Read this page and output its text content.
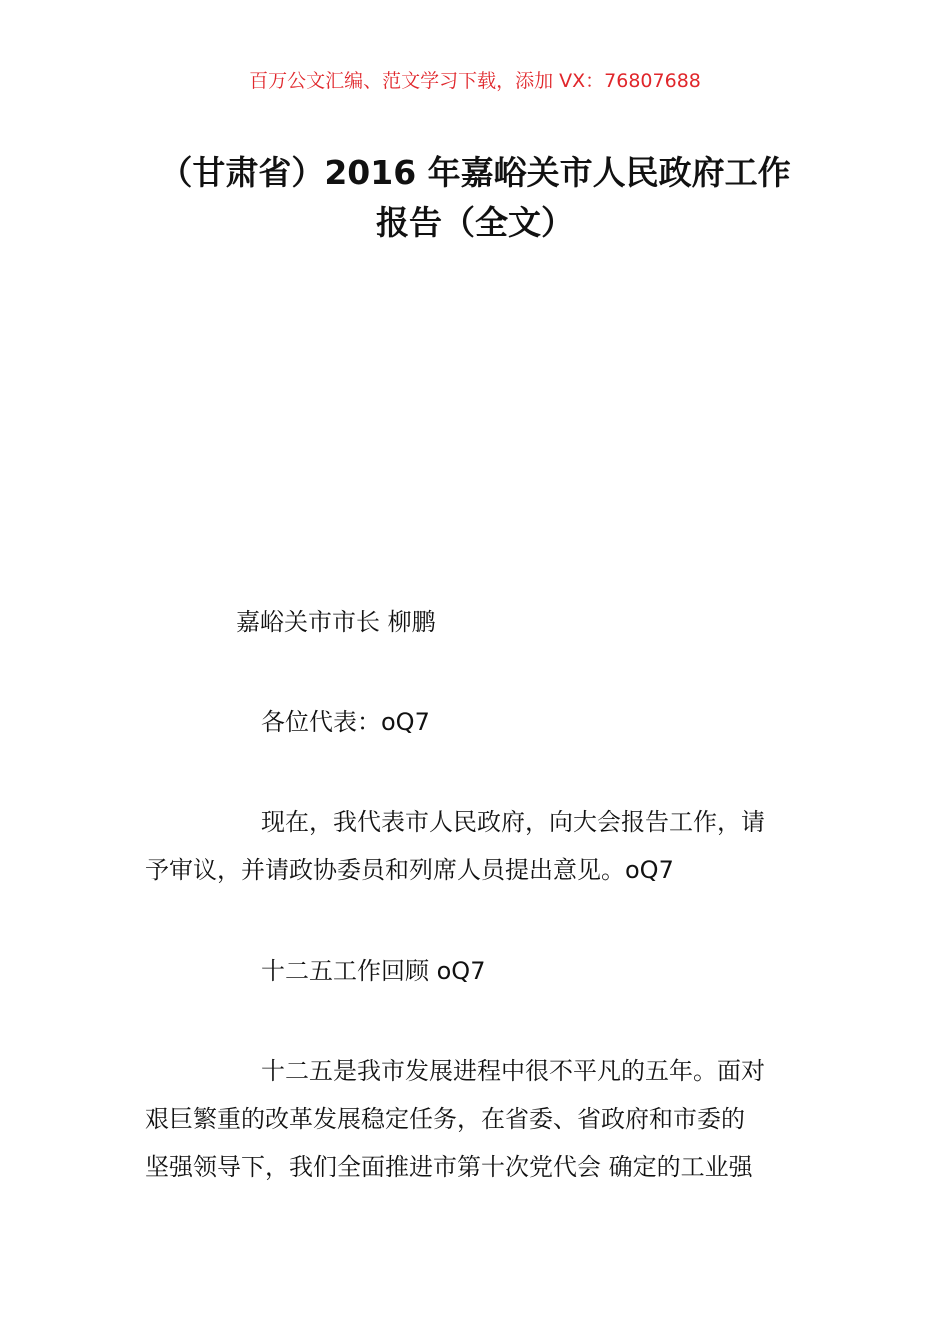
百万公文汇编、范文学习下载，添加 VX：76807688
（甘肃省）2016 年嘉峪关市人民政府工作
报告（全文）
嘉峪关市市长 柳鹏
各位代表：oQ7
现在，我代表市人民政府，向大会报告工作，请
予审议，并请政协委员和列席人员提出意见。oQ7
十二五工作回顾 oQ7
十二五是我市发展进程中很不平凡的五年。面对
艰巨繁重的改革发展稳定任务，在省委、省政府和市委的
坚强领导下，我们全面推进市第十次党代会 确定的工业强
